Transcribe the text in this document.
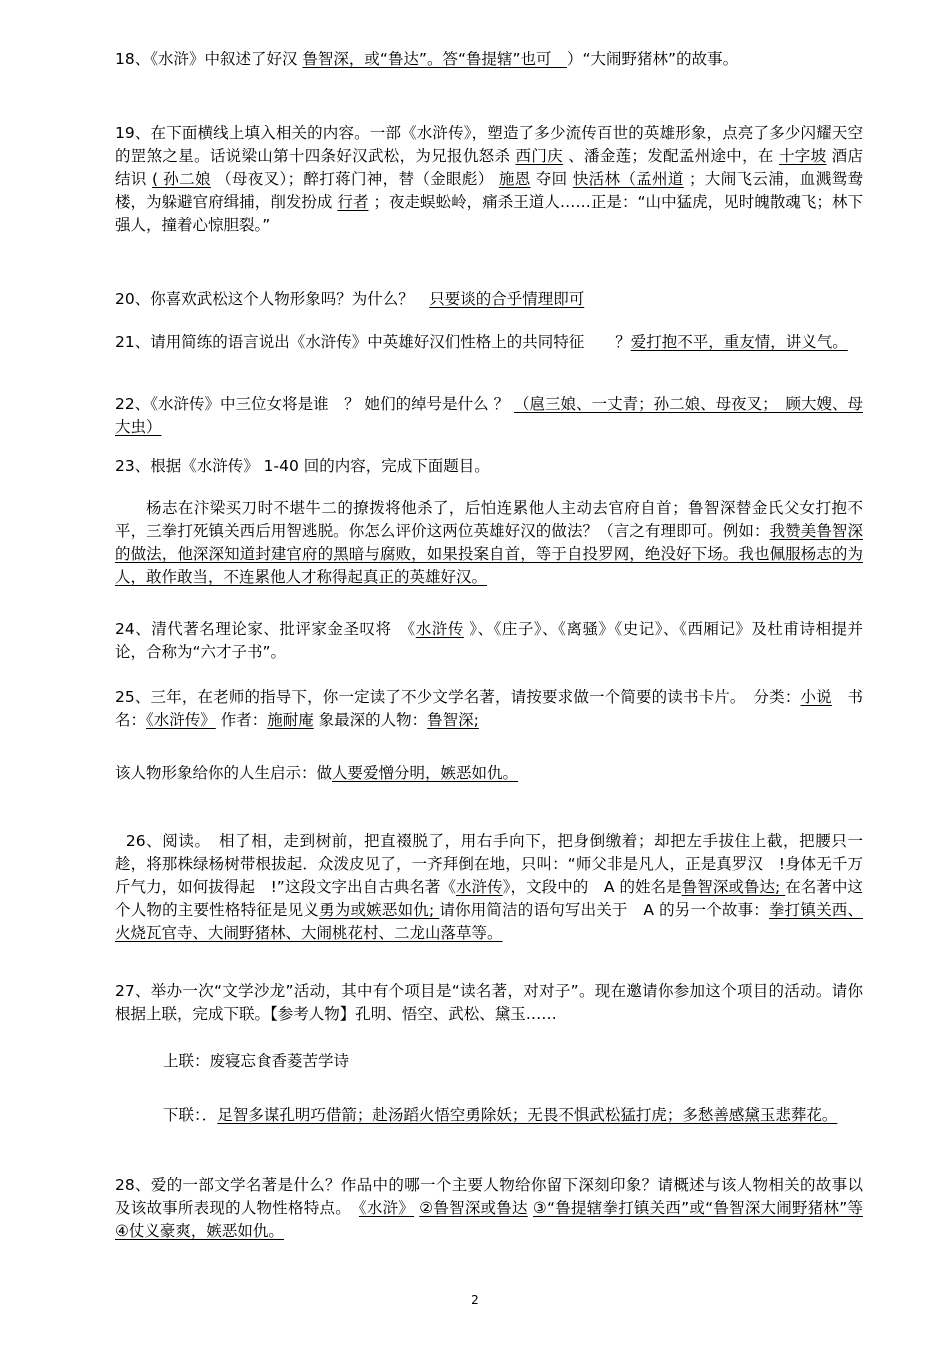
18、《水浒》中叙述了好汉 鲁智深，或“鲁达”。答“鲁提辖”也可　）“大闹野猪林”的故事。

19、在下面横线上填入相关的内容。一部《水浒传》，塑造了多少流传百世的英雄形象，点亮了多少闪耀天空的罡煞之星。话说梁山第十四条好汉武松，为兄报仇怒杀 西门庆 、潘金莲；发配孟州途中，在 十字坡 酒店结识 ( 孙二娘 （母夜叉）；醉打蒋门神，替（金眼彪） 施恩 夺回 快活林（孟州道 ；大闹飞云浦，血溅鸳鸯楼，为躲避官府缉捕，削发扮成 行者 ；夜走蜈蚣岭，痛杀王道人……正是：“山中猛虎，见时魄散魂飞；林下强人，撞着心惊胆裂。”

20、你喜欢武松这个人物形象吗？为什么？　只要谈的合乎情理即可

21、请用简练的语言说出《水浒传》中英雄好汉们性格上的共同特征　　？爱打抱不平，重友情，讲义气。

22、《水浒传》中三位女将是谁　？ 她们的绰号是什么 ？ （扈三娘、一丈青；孙二娘、母夜叉；　顾大嫂、母大虫）

23、根据《水浒传》 1-40 回的内容，完成下面题目。

杨志在汴梁买刀时不堪牛二的撩拨将他杀了，后怕连累他人主动去官府自首；鲁智深替金氏父女打抱不平，三拳打死镇关西后用智逃脱。你怎么评价这两位英雄好汉的做法？（言之有理即可。例如：我赞美鲁智深的做法，他深深知道封建官府的黑暗与腐败，如果投案自首，等于自投罗网，绝没好下场。我也佩服杨志的为人，敢作敢当，不连累他人才称得起真正的英雄好汉。

24、清代著名理论家、批评家金圣叹将　《水浒传 》、《庄子》、《离骚》《史记》、《西厢记》及杜甫诗相提并论，合称为“六才子书”。

25、三年，在老师的指导下，你一定读了不少文学名著，请按要求做一个简要的读书卡片。　分类：小说　书名：《水浒传》 作者：施耐庵 象最深的人物：鲁智深;

该人物形象给你的人生启示：做人要爱憎分明，嫉恶如仇。

26、阅读。　相了相，走到树前，把直裰脱了，用右手向下，把身倒缴着；却把左手拔住上截，把腰只一趁，将那株绿杨树带根拔起．众泼皮见了，一齐拜倒在地，只叫：“师父非是凡人，正是真罗汉　!身体无千万斤气力，如何拔得起　!”这段文字出自古典名著《水浒传》，文段中的　A 的姓名是鲁智深或鲁达; 在名著中这个人物的主要性格特征是见义勇为或嫉恶如仇; 请你用简洁的语句写出关于　A 的另一个故事：拳打镇关西、火烧瓦官寺、大闹野猪林、大闹桃花村、二龙山落草等。

27、举办一次“文学沙龙”活动，其中有个项目是“读名著，对对子”。现在邀请你参加这个项目的活动。请你根据上联，完成下联。【参考人物】孔明、悟空、武松、黛玉……

上联：废寝忘食香菱苦学诗

下联：．足智多谋孔明巧借箭；赴汤蹈火悟空勇除妖；无畏不惧武松猛打虎；多愁善感黛玉悲葬花。

28、爱的一部文学名著是什么？作品中的哪一个主要人物给你留下深刻印象？请概述与该人物相关的故事以及该故事所表现的人物性格特点。　《水浒》 ②鲁智深或鲁达 ③“鲁提辖拳打镇关西”或“鲁智深大闹野猪林”等 ④仗义豪爽，嫉恶如仇。

2
